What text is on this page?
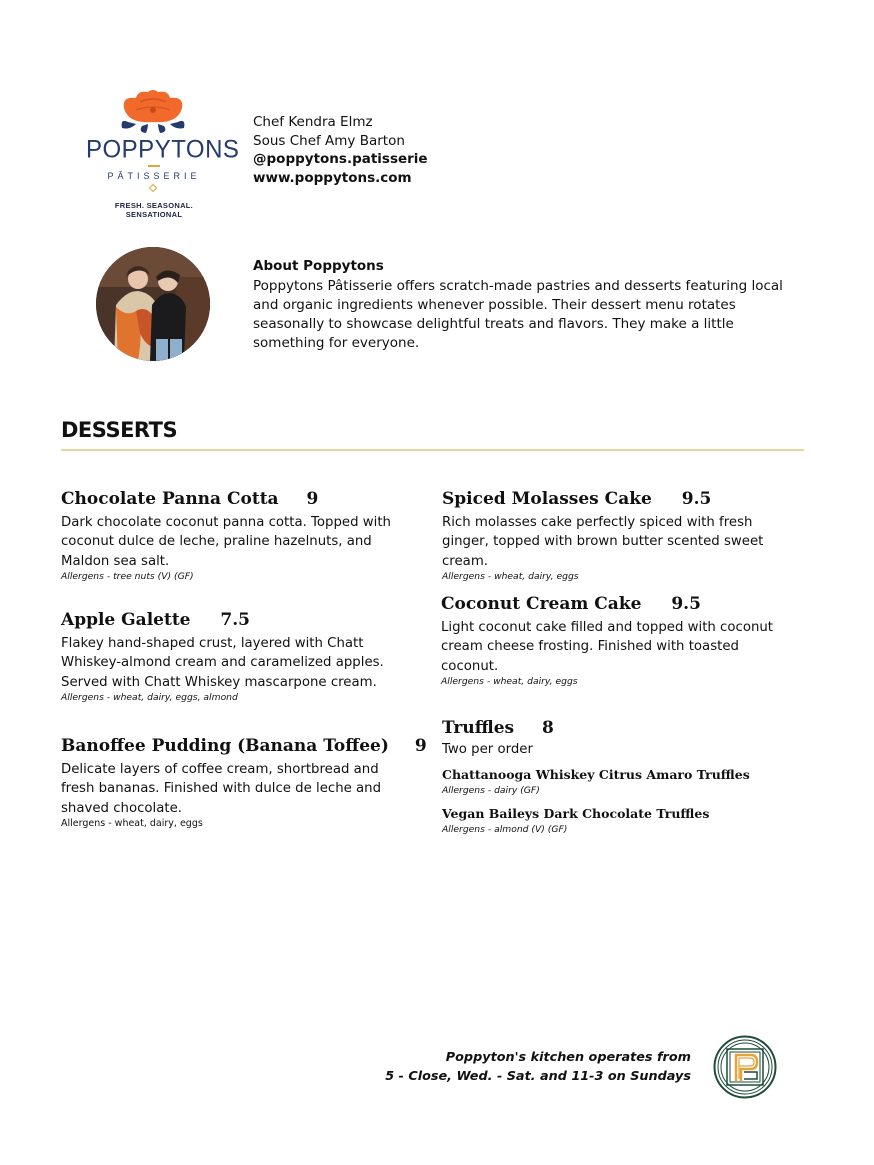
POPPYTONS
PÂTISSERIE
FRESH. SEASONAL. SENSATIONAL
Chef Kendra Elmz
Sous Chef Amy Barton
@poppytons.patisserie
www.poppytons.com
About Poppytons

Poppytons Pâtisserie offers scratch-made pastries and desserts featuring local and organic ingredients whenever possible. Their dessert menu rotates seasonally to showcase delightful treats and flavors. They make a little something for everyone.

DESSERTS
Chocolate Panna Cotta 9
Dark chocolate coconut panna cotta. Topped with coconut dulce de leche, praline hazelnuts, and Maldon sea salt.
Allergens - tree nuts (V) (GF)
Apple Galette 7.5
Flakey hand-shaped crust, layered with Chatt Whiskey-almond cream and caramelized apples. Served with Chatt Whiskey mascarpone cream.
Allergens - wheat, dairy, eggs, almond
Banoffee Pudding (Banana Toffee) 9
Delicate layers of coffee cream, shortbread and fresh bananas. Finished with dulce de leche and shaved chocolate.
Allergens - wheat, dairy, eggs
Spiced Molasses Cake 9.5
Rich molasses cake perfectly spiced with fresh ginger, topped with brown butter scented sweet cream.
Allergens - wheat, dairy, eggs
Coconut Cream Cake 9.5
Light coconut cake filled and topped with coconut cream cheese frosting. Finished with toasted coconut.
Allergens - wheat, dairy, eggs
Truffles 8
Two per order
Chattanooga Whiskey Citrus Amaro Truffles
Allergens - dairy (GF)
Vegan Baileys Dark Chocolate Truffles
Allergens - almond (V) (GF)
Poppyton's kitchen operates from
5 - Close, Wed. - Sat. and 11-3 on Sundays
